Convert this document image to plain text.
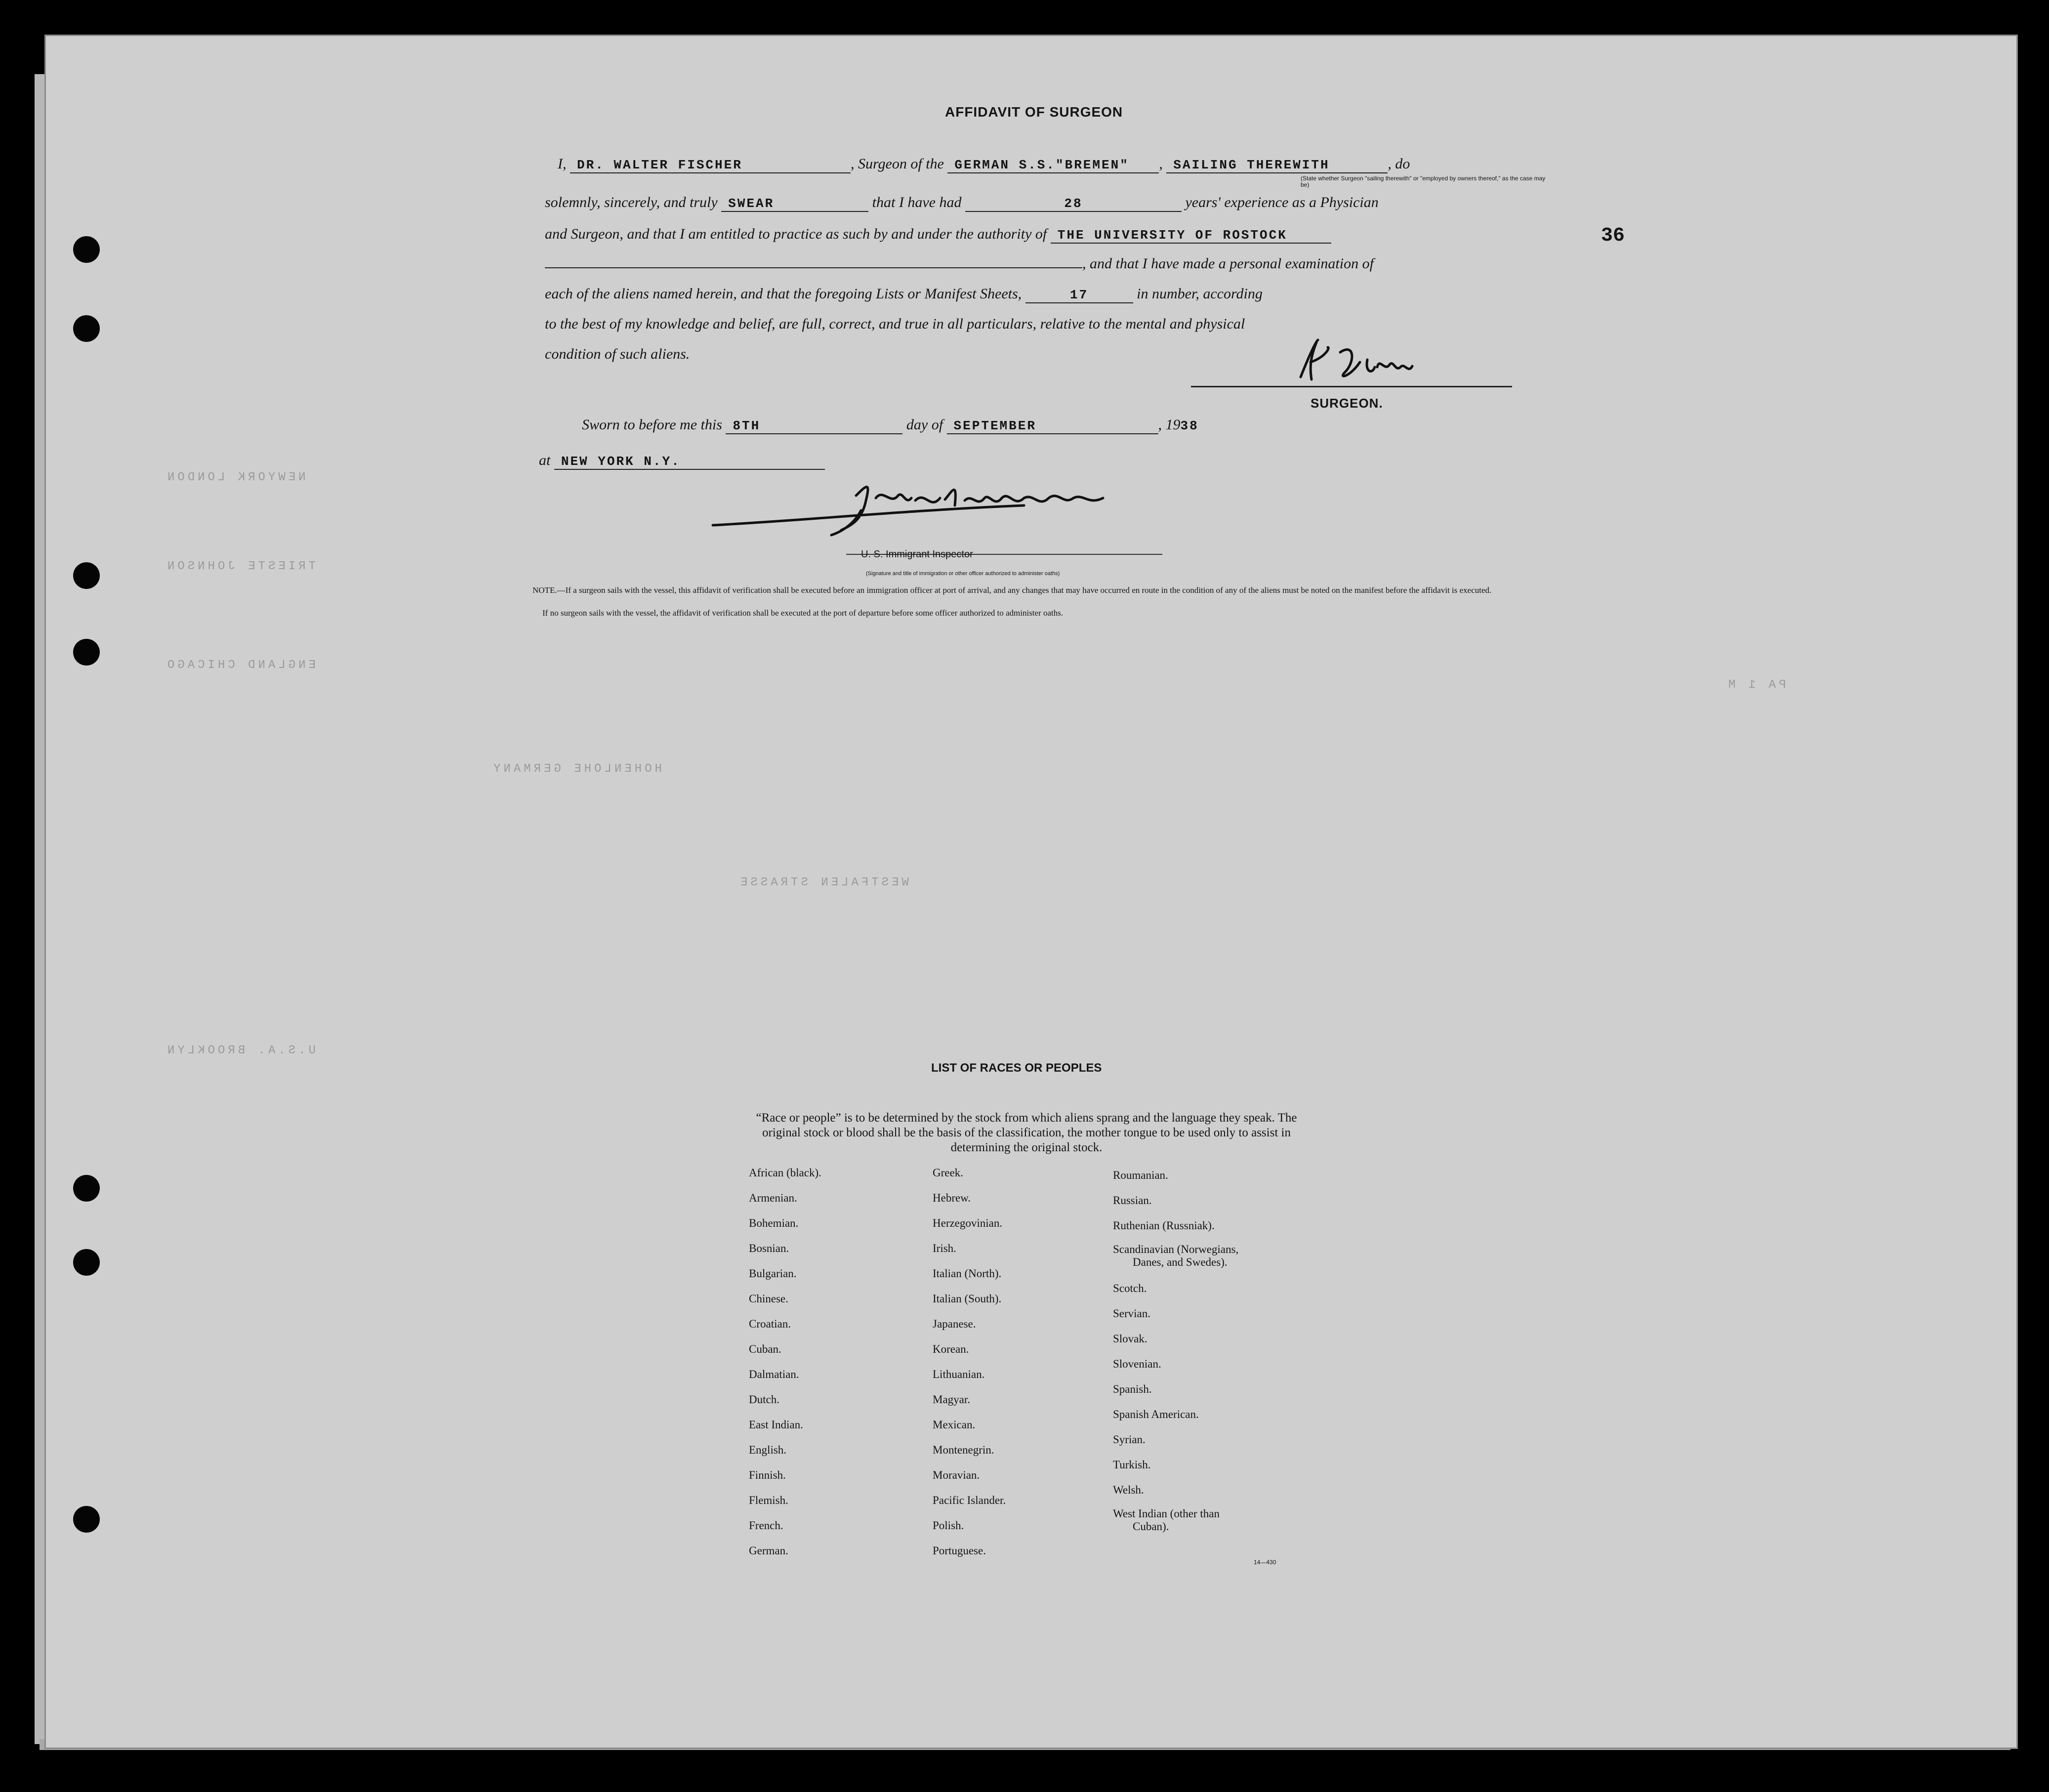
NEWYORK LONDON
TRIESTE JOHNSON
ENGLAND CHICAGO
HOHENLOHE GERMANY
WESTFALEN STRASSE
PA 1 M
U.S.A. BROOKLYN
AFFIDAVIT OF SURGEON
I, DR. WALTER FISCHER	, Surgeon of the GERMAN S.S."BREMEN" , SAILING THEREWITH	, do
(State whether Surgeon "sailing therewith" or "employed by owners thereof," as the case may be)
solemnly, sincerely, and truly SWEAR	that I have had	28	years' experience as a Physician
and Surgeon, and that I am entitled to practice as such by and under the authority of THE UNIVERSITY OF ROSTOCK
, and that I have made a personal examination of
each of the aliens named herein, and that the foregoing Lists or Manifest Sheets,	17	in number, according
to the best of my knowledge and belief, are full, correct, and true in all particulars, relative to the mental and physical
condition of such aliens.
SURGEON.
Sworn to before me this 8TH	day of SEPTEMBER	, 1938
at NEW YORK N.Y.
U. S. Immigrant Inspector
(Signature and title of immigration or other officer authorized to administer oaths)
NOTE.—If a surgeon sails with the vessel, this affidavit of verification shall be executed before an immigration officer at port of arrival, and any changes that may have occurred en route in the condition of any of the aliens must be noted on the manifest before the affidavit is executed.
If no surgeon sails with the vessel, the affidavit of verification shall be executed at the port of departure before some officer authorized to administer oaths.
36
LIST OF RACES OR PEOPLES
“Race or people” is to be determined by the stock from which aliens sprang and the language they speak. The original stock or blood shall be the basis of the classification, the mother tongue to be used only to assist in determining the original stock.
African (black).
Armenian.
Bohemian.
Bosnian.
Bulgarian.
Chinese.
Croatian.
Cuban.
Dalmatian.
Dutch.
East Indian.
English.
Finnish.
Flemish.
French.
German.
Greek.
Hebrew.
Herzegovinian.
Irish.
Italian (North).
Italian (South).
Japanese.
Korean.
Lithuanian.
Magyar.
Mexican.
Montenegrin.
Moravian.
Pacific Islander.
Polish.
Portuguese.
Roumanian.
Russian.
Ruthenian (Russniak).
Scandinavian (Norwegians,
Danes, and Swedes).
Scotch.
Servian.
Slovak.
Slovenian.
Spanish.
Spanish American.
Syrian.
Turkish.
Welsh.
West Indian (other than
Cuban).
14—430
